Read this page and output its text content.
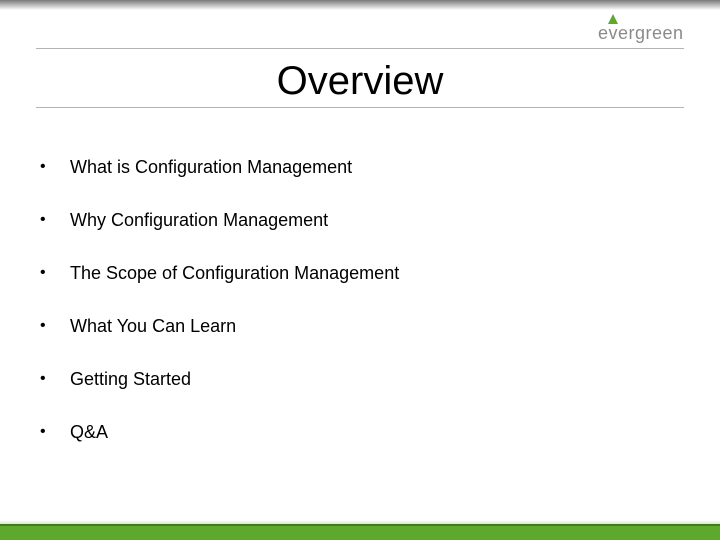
evergreen
Overview
• What is Configuration Management
• Why Configuration Management
• The Scope of Configuration Management
• What You Can Learn
• Getting Started
• Q&A
